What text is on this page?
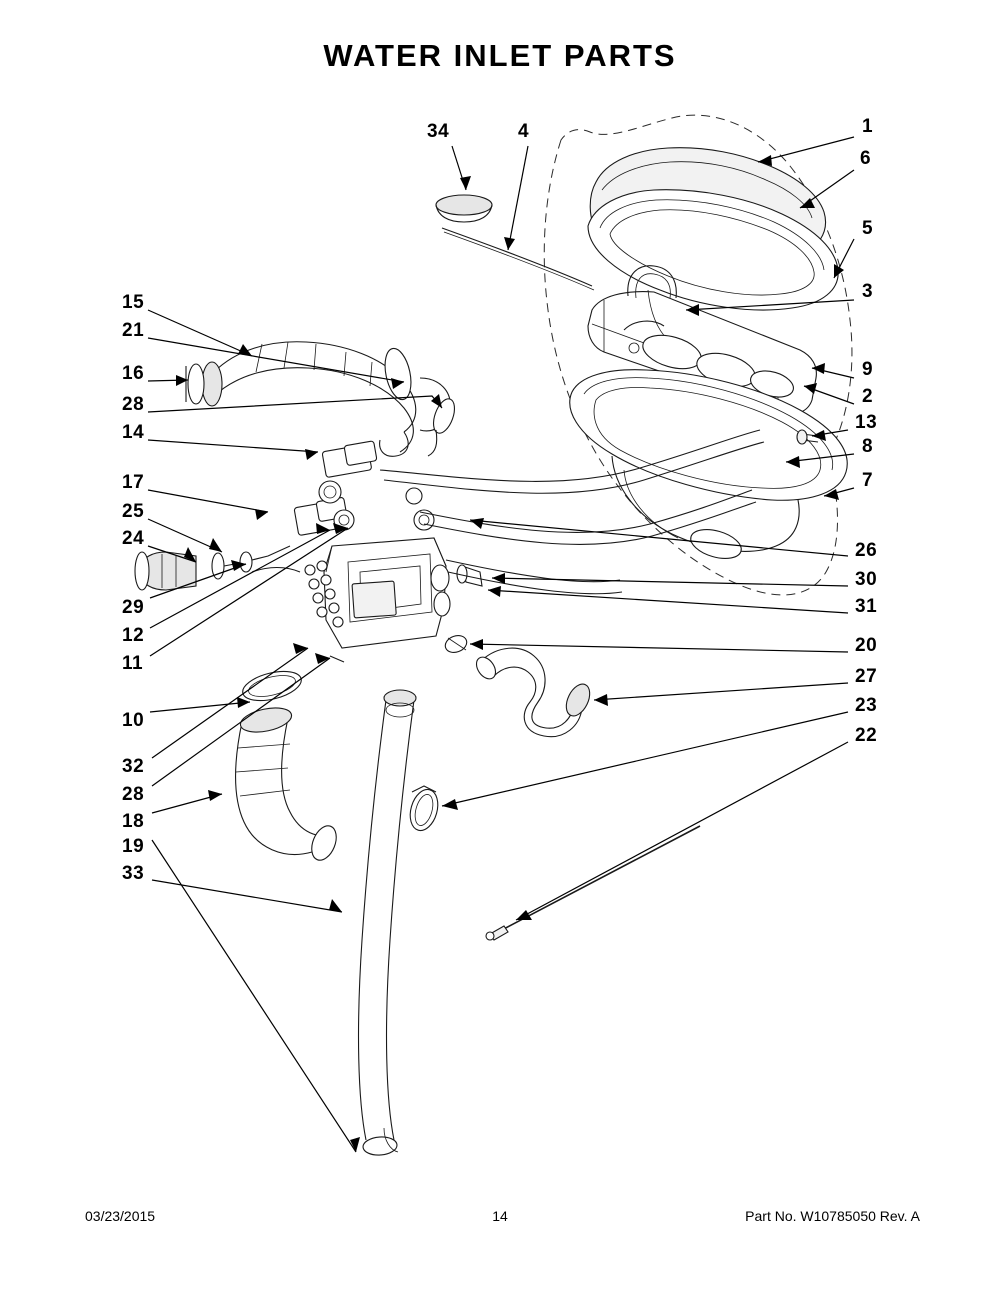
WATER INLET PARTS
34	4	1
6
5
3
9
2
13
8
7
26
30
31
20
27
23
22
15
21
16
28
14
17
25
24
29
12
11
10
32
28
18
19
33
03/23/2015	14	Part No. W10785050 Rev. A
